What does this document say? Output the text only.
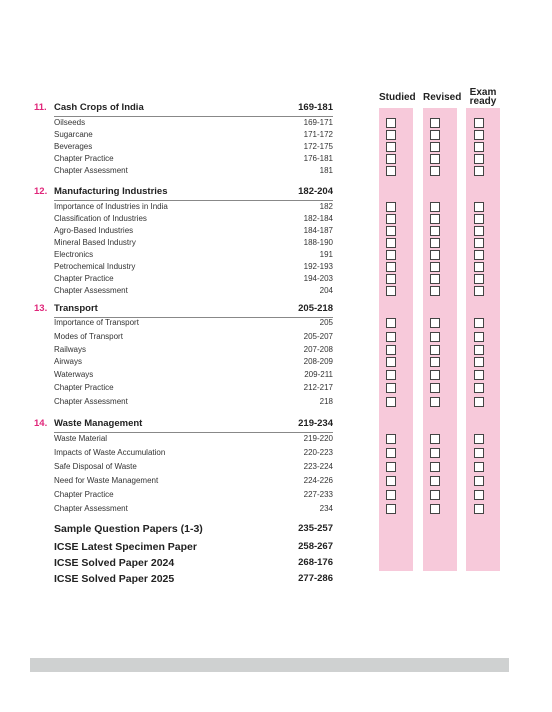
Studied Revised Exam
ready
11. Cash Crops of India	169-181
Oilseeds	169-171
Sugarcane	171-172
Beverages	172-175
Chapter Practice	176-181
Chapter Assessment	181
12. Manufacturing Industries	182-204
Importance of Industries in India	182
Classification of Industries	182-184
Agro-Based Industries	184-187
Mineral Based Industry	188-190
Electronics	191
Petrochemical Industry	192-193
Chapter Practice	194-203
Chapter Assessment	204
13. Transport	205-218
Importance of Transport	205
Modes of Transport	205-207
Railways	207-208
Airways	208-209
Waterways	209-211
Chapter Practice	212-217
Chapter Assessment	218
14. Waste Management	219-234
Waste Material	219-220
Impacts of Waste Accumulation	220-223
Safe Disposal of Waste	223-224
Need for Waste Management	224-226
Chapter Practice	227-233
Chapter Assessment	234
Sample Question Papers (1-3)	235-257
ICSE Latest Specimen Paper	258-267
ICSE Solved Paper 2024	268-176
ICSE Solved Paper 2025	277-286
